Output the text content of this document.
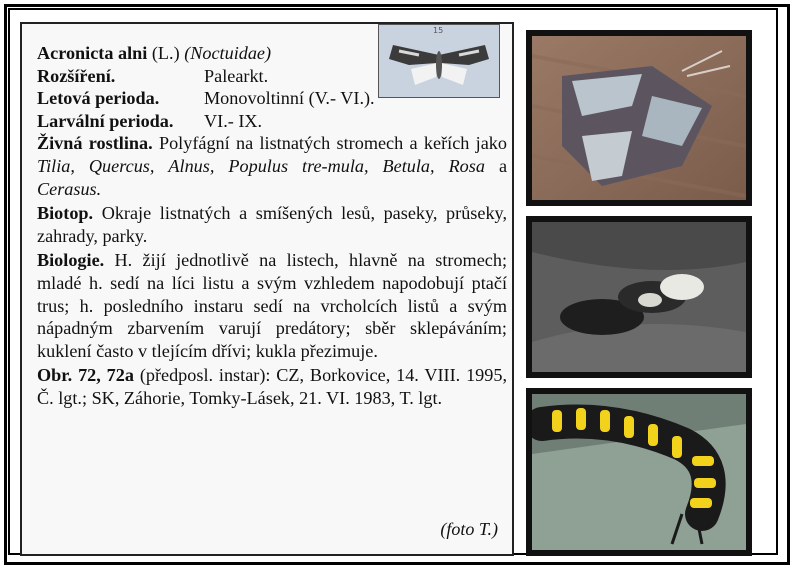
Acronicta alni (L.) (Noctuidae)

Rozšíření.	Palearkt.

Letová perioda.	Monovoltinní (V.- VI.).

Larvální perioda.	VI.- IX.

Živná rostlina. Polyfágní na listnatých stromech a keřích jako Tilia, Quercus, Alnus, Populus tre-mula, Betula, Rosa a Cerasus.

Biotop. Okraje listnatých a smíšených lesů, paseky, průseky, zahrady, parky.

Biologie. H. žijí jednotlivě na listech, hlavně na stromech; mladé h. sedí na líci listu a svým vzhledem napodobují ptačí trus; h. posledního instaru sedí na vrcholcích listů a svým nápadným zbarvením varují predátory; sběr sklepáváním; kuklení často v tlejícím dřívi; kukla přezimuje.

Obr. 72, 72a (předposl. instar): CZ, Borkovice, 14. VIII. 1995, Č. lgt.; SK, Záhorie, Tomky-Lásek, 21. VI. 1983, T. lgt.

(foto T.)
15
